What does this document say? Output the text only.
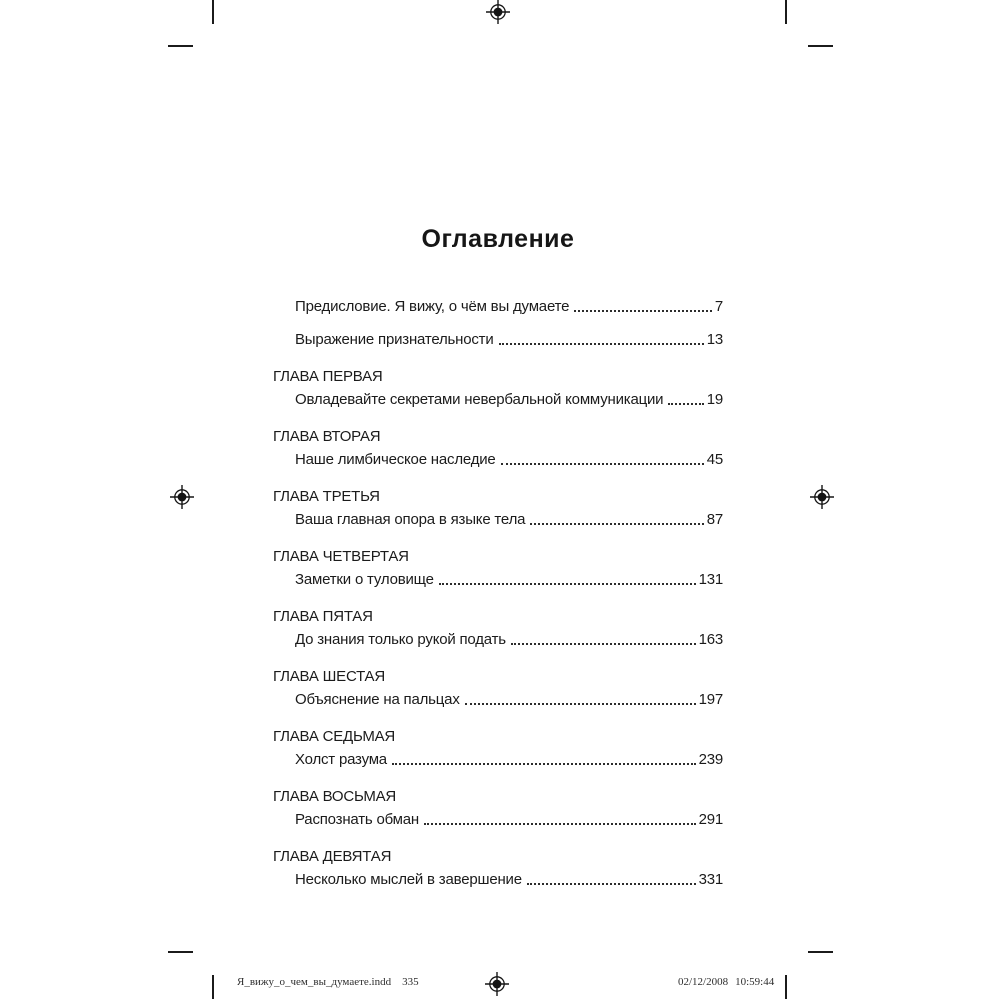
Оглавление
Предисловие. Я вижу, о чём вы думаете	7
Выражение признательности	13
ГЛАВА ПЕРВАЯ
Овладевайте секретами невербальной коммуникации	19
ГЛАВА ВТОРАЯ
Наше лимбическое наследие	45
ГЛАВА ТРЕТЬЯ
Ваша главная опора в языке тела	87
ГЛАВА ЧЕТВЕРТАЯ
Заметки о туловище	131
ГЛАВА ПЯТАЯ
До знания только рукой подать	163
ГЛАВА ШЕСТАЯ
Объяснение на пальцах	197
ГЛАВА СЕДЬМАЯ
Холст разума	239
ГЛАВА ВОСЬМАЯ
Распознать обман	291
ГЛАВА ДЕВЯТАЯ
Несколько мыслей в завершение	331
Я_вижу_о_чем_вы_думаете.indd 335	02/12/2008 10:59:44
